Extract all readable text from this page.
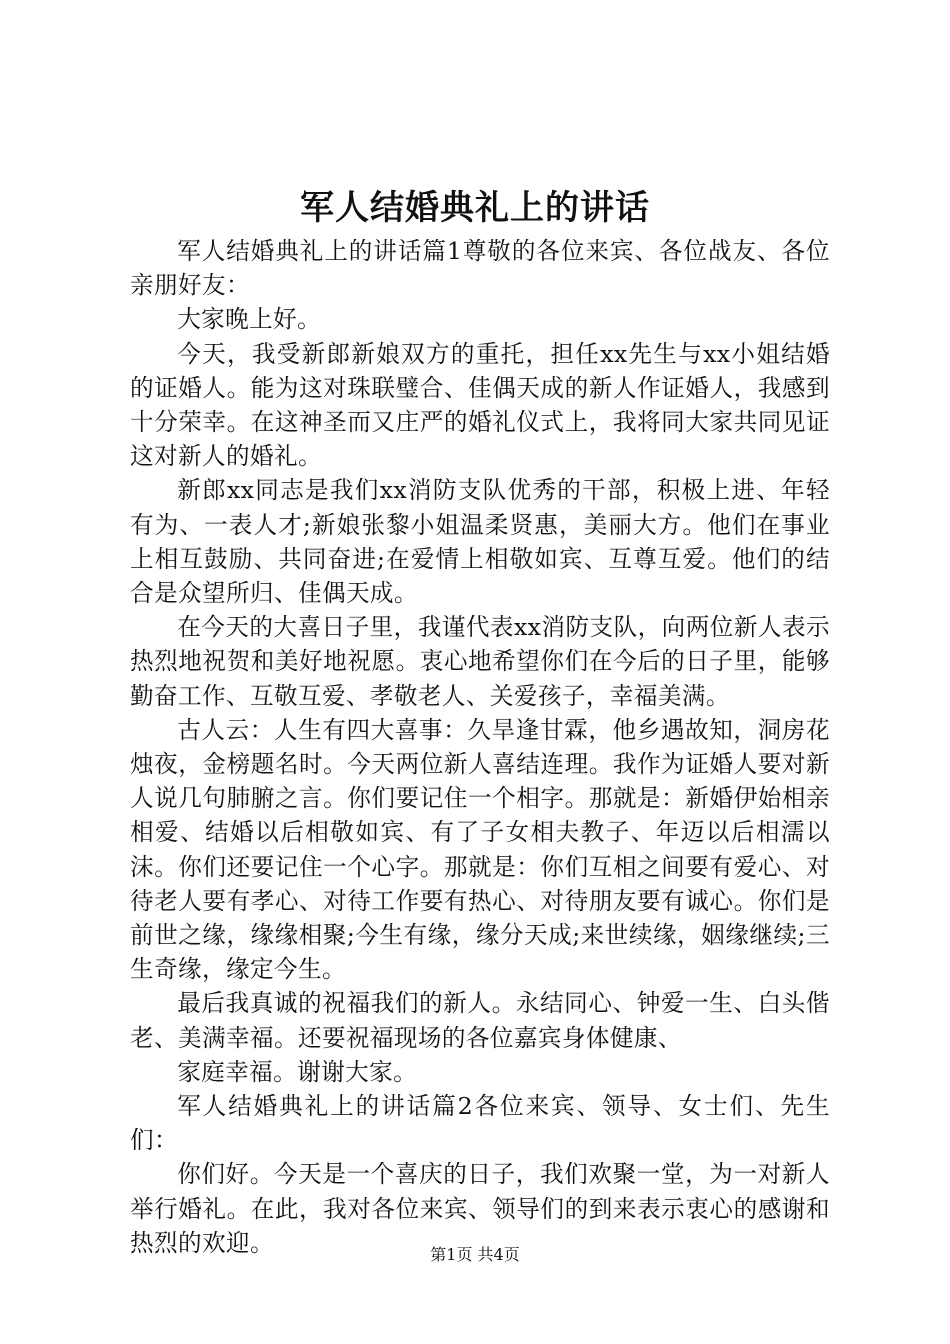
军人结婚典礼上的讲话

军人结婚典礼上的讲话篇1尊敬的各位来宾、各位战友、各位亲朋好友：

大家晚上好。

今天，我受新郎新娘双方的重托，担任xx先生与xx小姐结婚的证婚人。能为这对珠联璧合、佳偶天成的新人作证婚人，我感到十分荣幸。在这神圣而又庄严的婚礼仪式上，我将同大家共同见证这对新人的婚礼。

新郎xx同志是我们xx消防支队优秀的干部，积极上进、年轻有为、一表人才;新娘张黎小姐温柔贤惠，美丽大方。他们在事业上相互鼓励、共同奋进;在爱情上相敬如宾、互尊互爱。他们的结合是众望所归、佳偶天成。

在今天的大喜日子里，我谨代表xx消防支队，向两位新人表示热烈地祝贺和美好地祝愿。衷心地希望你们在今后的日子里，能够勤奋工作、互敬互爱、孝敬老人、关爱孩子，幸福美满。

古人云：人生有四大喜事：久旱逢甘霖，他乡遇故知，洞房花烛夜，金榜题名时。今天两位新人喜结连理。我作为证婚人要对新人说几句肺腑之言。你们要记住一个相字。那就是：新婚伊始相亲相爱、结婚以后相敬如宾、有了子女相夫教子、年迈以后相濡以沫。你们还要记住一个心字。那就是：你们互相之间要有爱心、对待老人要有孝心、对待工作要有热心、对待朋友要有诚心。你们是前世之缘，缘缘相聚;今生有缘，缘分天成;来世续缘，姻缘继续;三生奇缘，缘定今生。

最后我真诚的祝福我们的新人。永结同心、钟爱一生、白头偕老、美满幸福。还要祝福现场的各位嘉宾身体健康、

家庭幸福。谢谢大家。

军人结婚典礼上的讲话篇2各位来宾、领导、女士们、先生们：

你们好。今天是一个喜庆的日子，我们欢聚一堂，为一对新人举行婚礼。在此，我对各位来宾、领导们的到来表示衷心的感谢和热烈的欢迎。	第1页 共4页
